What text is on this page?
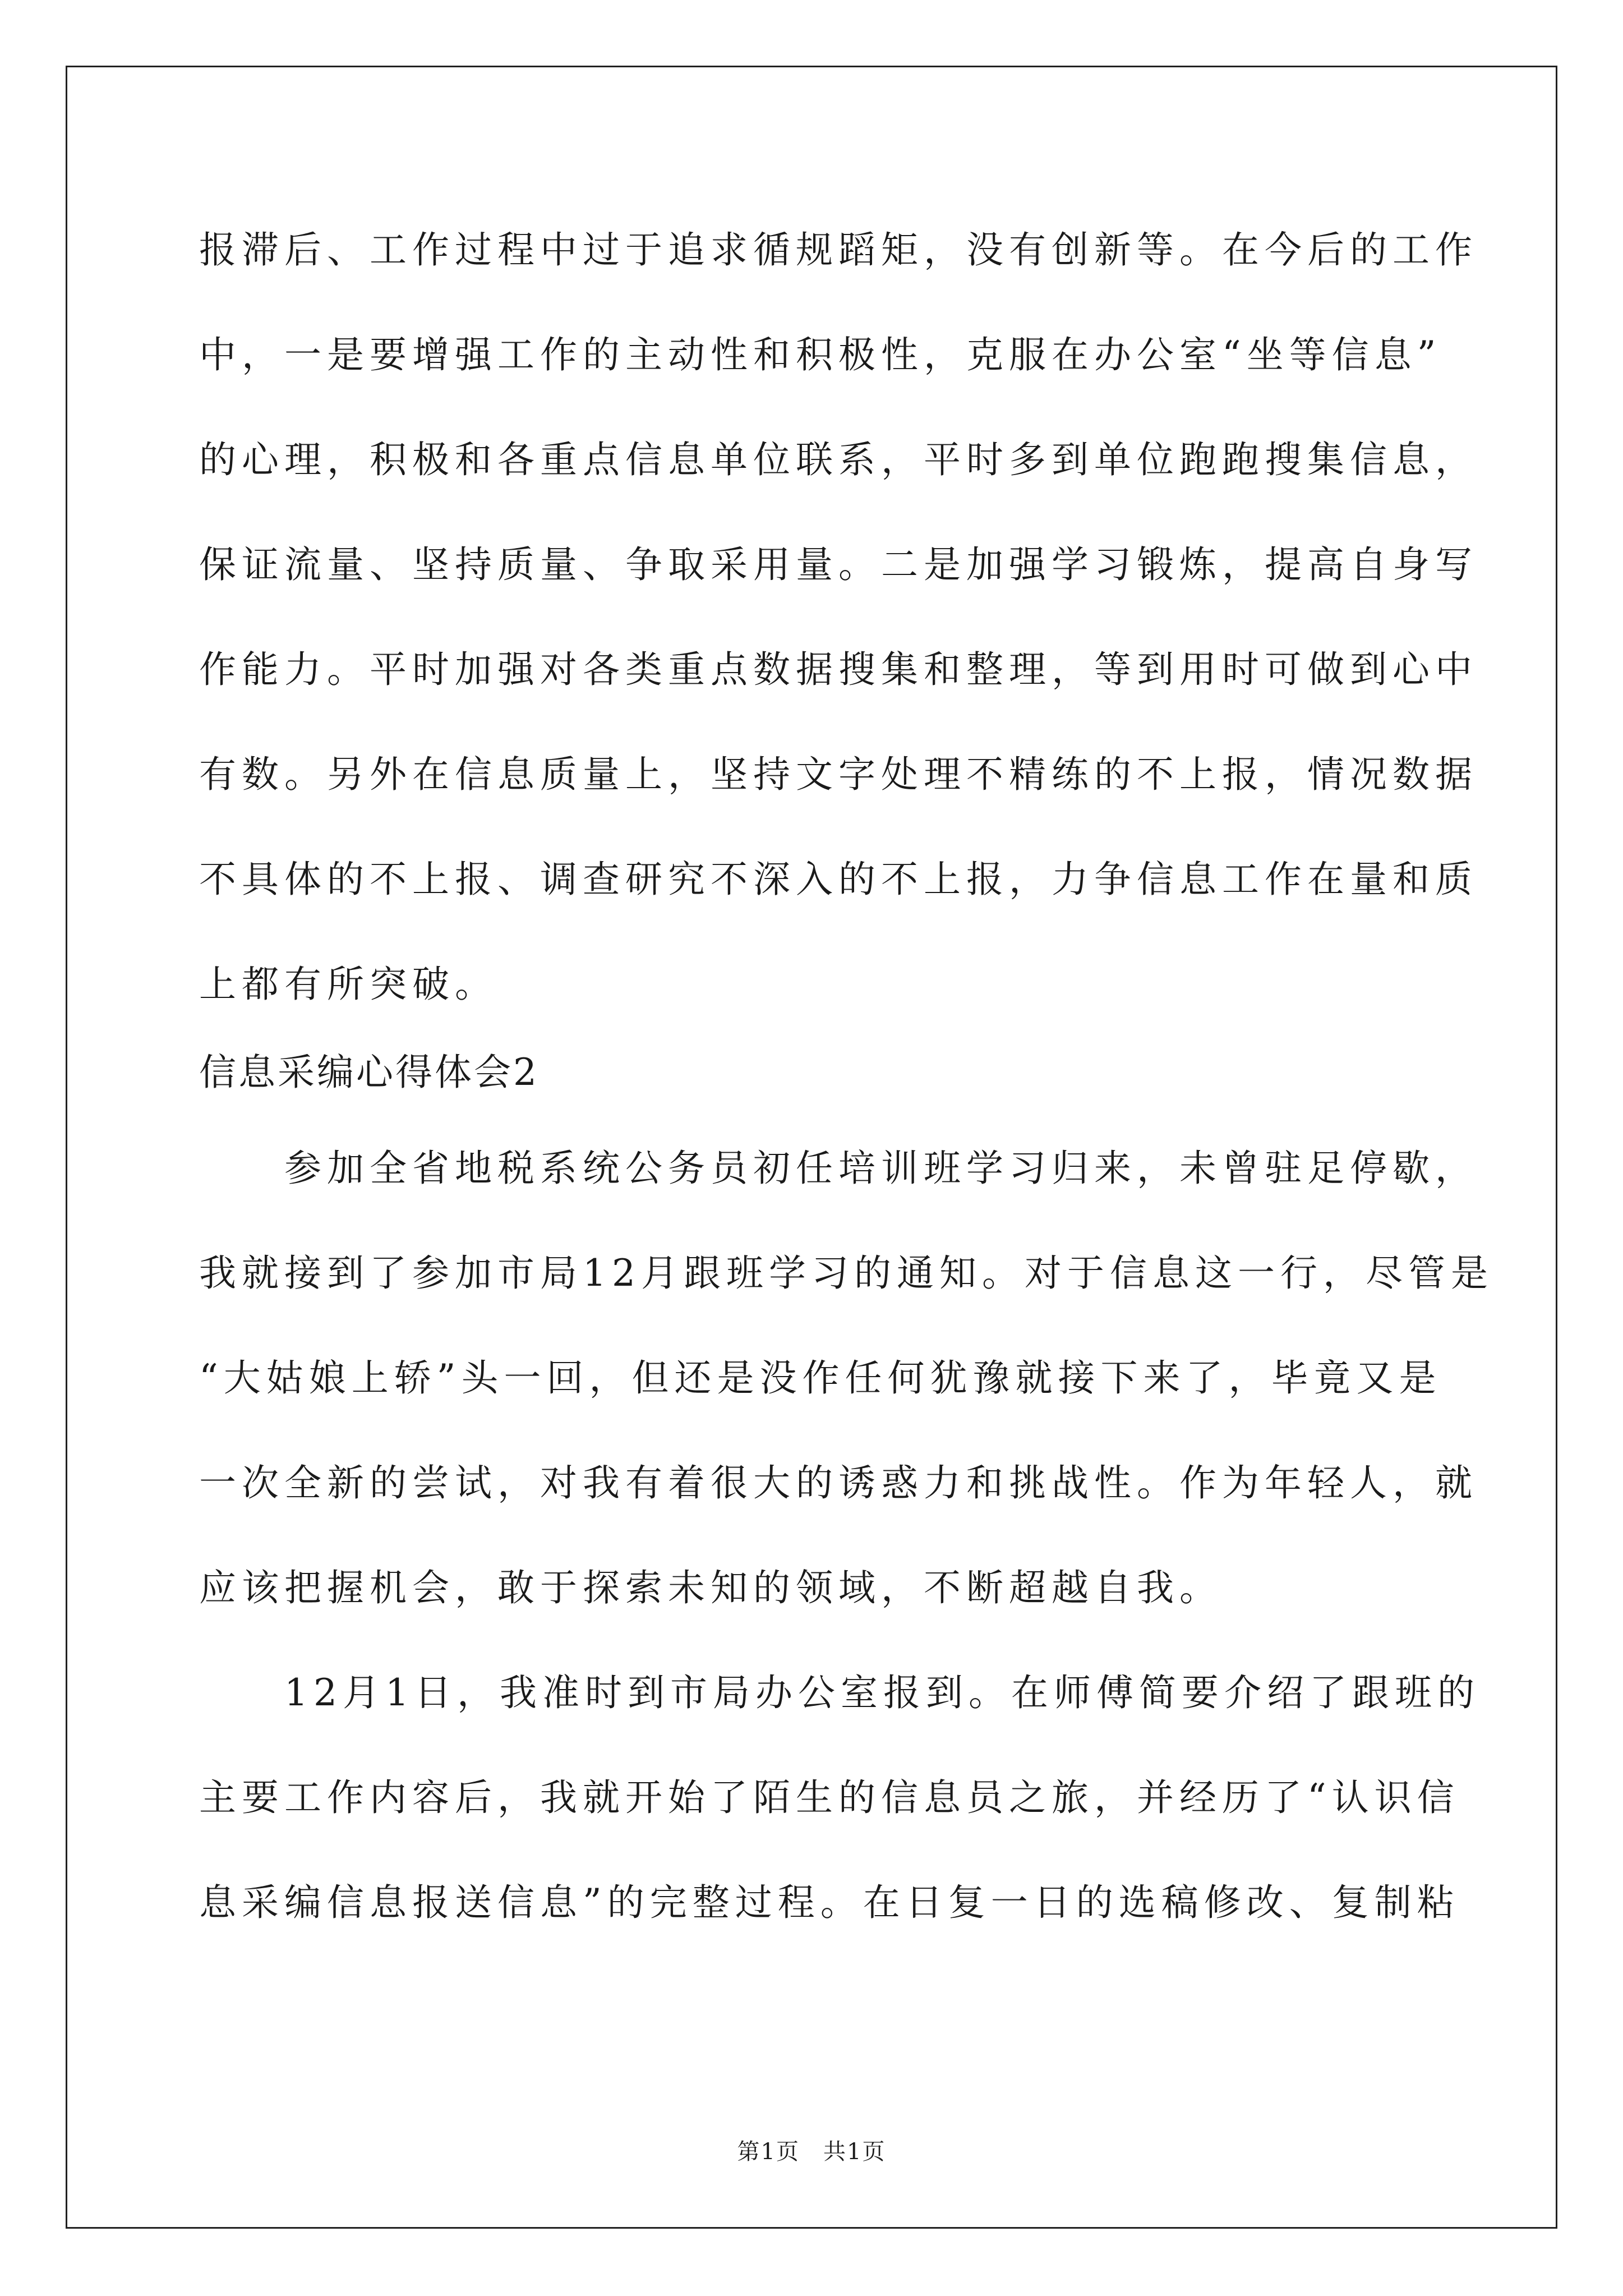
报滞后、工作过程中过于追求循规蹈矩，没有创新等。在今后的工作
中，一是要增强工作的主动性和积极性，克服在办公室“坐等信息”
的心理，积极和各重点信息单位联系，平时多到单位跑跑搜集信息，
保证流量、坚持质量、争取采用量。二是加强学习锻炼，提高自身写
作能力。平时加强对各类重点数据搜集和整理，等到用时可做到心中
有数。另外在信息质量上，坚持文字处理不精练的不上报，情况数据
不具体的不上报、调查研究不深入的不上报，力争信息工作在量和质
上都有所突破。
信息采编心得体会2
　　参加全省地税系统公务员初任培训班学习归来，未曾驻足停歇，
我就接到了参加市局12月跟班学习的通知。对于信息这一行，尽管是
“大姑娘上轿”头一回，但还是没作任何犹豫就接下来了，毕竟又是
一次全新的尝试，对我有着很大的诱惑力和挑战性。作为年轻人，就
应该把握机会，敢于探索未知的领域，不断超越自我。
　　12月1日，我准时到市局办公室报到。在师傅简要介绍了跟班的
主要工作内容后，我就开始了陌生的信息员之旅，并经历了“认识信
息采编信息报送信息”的完整过程。在日复一日的选稿修改、复制粘
第1页　共1页
